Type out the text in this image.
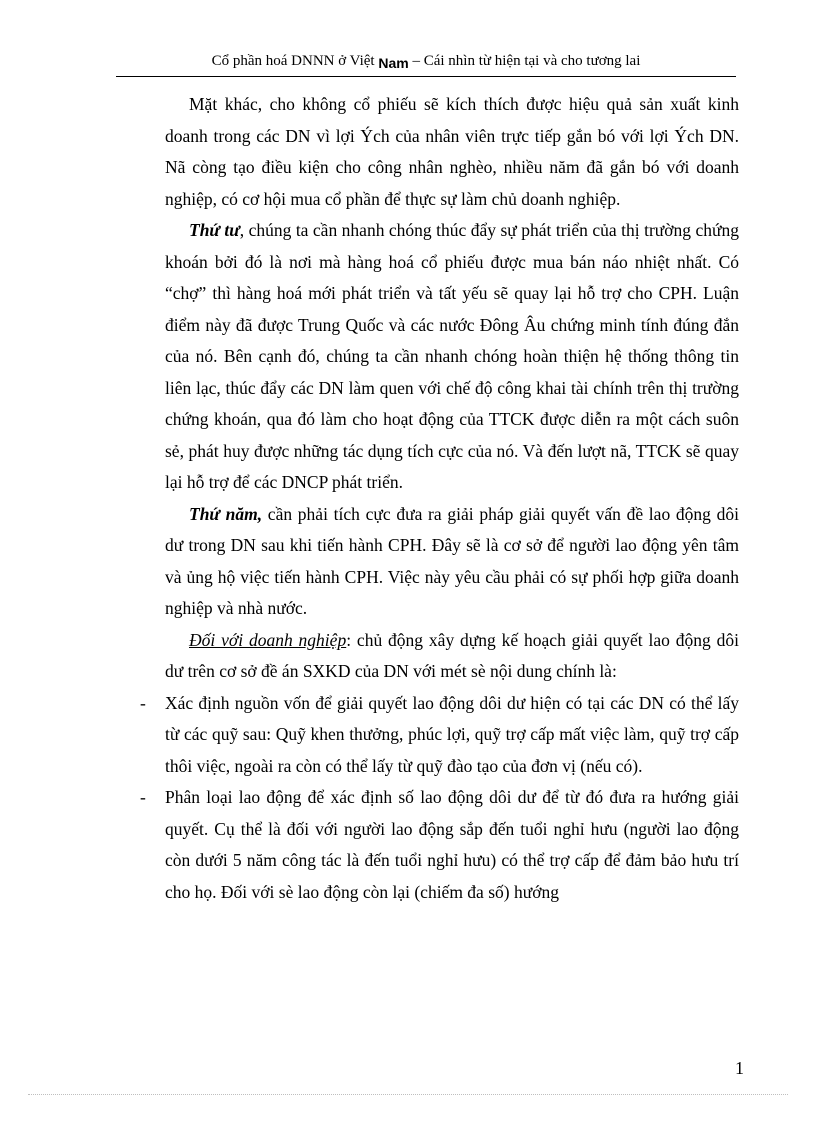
Cổ phần hoá DNNN ở Việt Nam – Cái nhìn từ hiện tại và cho tương lai

Mặt khác, cho không cổ phiếu sẽ kích thích được hiệu quả sản xuất kinh doanh trong các DN vì lợi Ých của nhân viên trực tiếp gắn bó với lợi Ých DN. Nã còng tạo điều kiện cho công nhân nghèo, nhiều năm đã gắn bó với doanh nghiệp, có cơ hội mua cổ phần để thực sự làm chủ doanh nghiệp.

Thứ tư, chúng ta cần nhanh chóng thúc đẩy sự phát triển của thị trường chứng khoán bởi đó là nơi mà hàng hoá cổ phiếu được mua bán náo nhiệt nhất. Có “chợ” thì hàng hoá mới phát triển và tất yếu sẽ quay lại hỗ trợ cho CPH. Luận điểm này đã được Trung Quốc và các nước Đông Âu chứng minh tính đúng đắn của nó. Bên cạnh đó, chúng ta cần nhanh chóng hoàn thiện hệ thống thông tin liên lạc, thúc đẩy các DN làm quen với chế độ công khai tài chính trên thị trường chứng khoán, qua đó làm cho hoạt động của TTCK được diễn ra một cách suôn sẻ, phát huy được những tác dụng tích cực của nó. Và đến lượt nã, TTCK sẽ quay lại hỗ trợ để các DNCP phát triển.

Thứ năm, cần phải tích cực đưa ra giải pháp giải quyết vấn đề lao động dôi dư trong DN sau khi tiến hành CPH. Đây sẽ là cơ sở để người lao động yên tâm và ủng hộ việc tiến hành CPH. Việc này yêu cầu phải có sự phối hợp giữa doanh nghiệp và nhà nước.

Đối với doanh nghiệp: chủ động xây dựng kế hoạch giải quyết lao động dôi dư trên cơ sở đề án SXKD của DN với mét sè nội dung chính là:

- Xác định nguồn vốn để giải quyết lao động dôi dư hiện có tại các DN có thể lấy từ các quỹ sau: Quỹ khen thưởng, phúc lợi, quỹ trợ cấp mất việc làm, quỹ trợ cấp thôi việc, ngoài ra còn có thể lấy từ quỹ đào tạo của đơn vị (nếu có).

- Phân loại lao động để xác định số lao động dôi dư để từ đó đưa ra hướng giải quyết. Cụ thể là đối với người lao động sắp đến tuổi nghỉ hưu (người lao động còn dưới 5 năm công tác là đến tuổi nghỉ hưu) có thể trợ cấp để đảm bảo hưu trí cho họ. Đối với sè lao động còn lại (chiếm đa số) hướng

1
